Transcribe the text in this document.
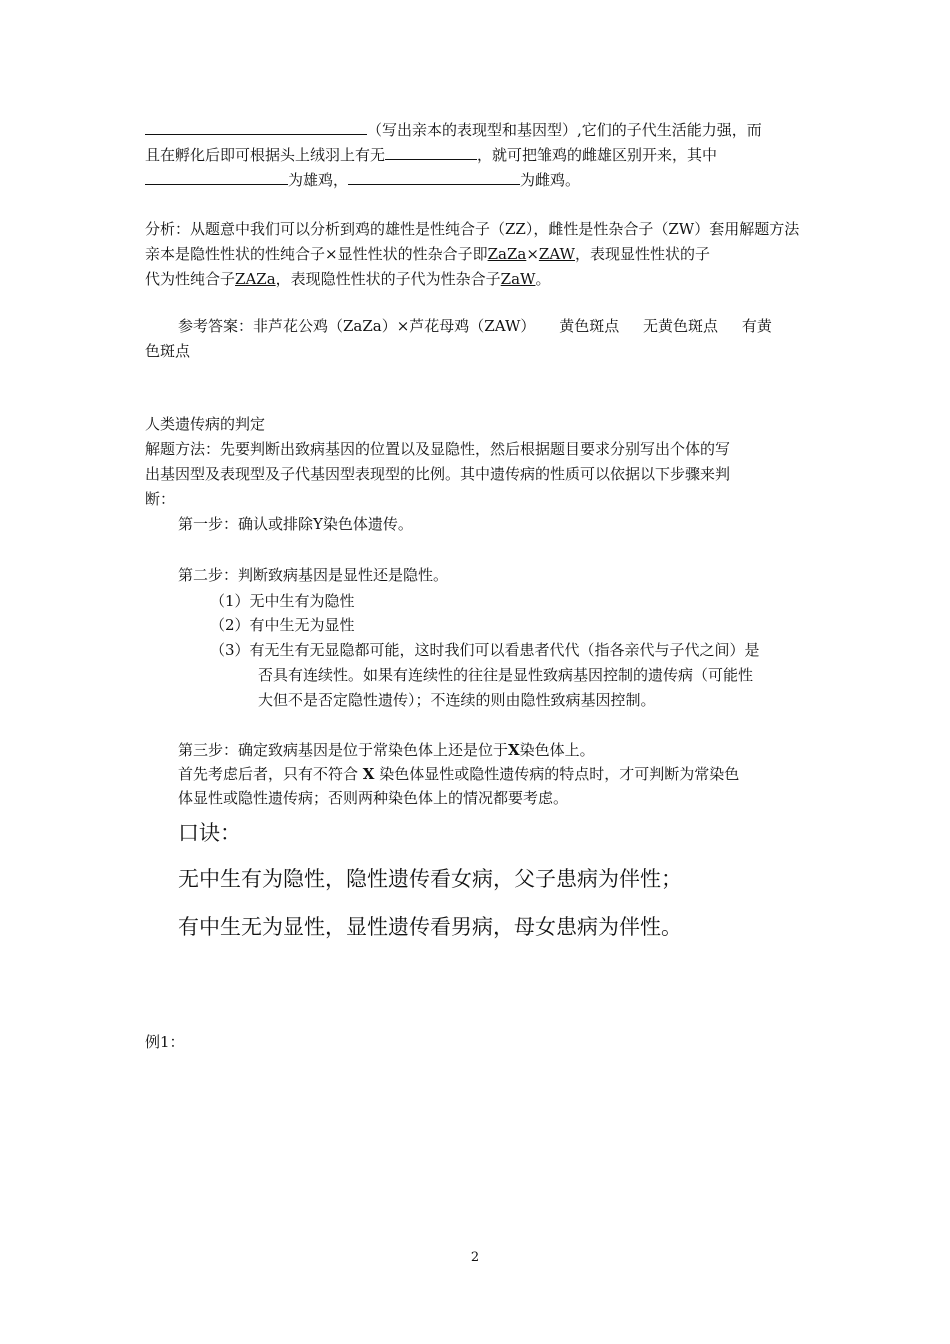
（写出亲本的表现型和基因型）,它们的子代生活能力强，而
且在孵化后即可根据头上绒羽上有无	，就可把雏鸡的雌雄区别开来，其中
为雄鸡，	为雌鸡。
分析：从题意中我们可以分析到鸡的雄性是性纯合子（ZZ），雌性是性杂合子（ZW）套用解题方法
亲本是隐性性状的性纯合子×显性性状的性杂合子即ZaZa×ZAW，表现显性性状的子
代为性纯合子ZAZa，表现隐性性状的子代为性杂合子ZaW。
参考答案：非芦花公鸡（ZaZa）×芦花母鸡（ZAW）     黄色斑点     无黄色斑点     有黄
色斑点
人类遗传病的判定
解题方法：先要判断出致病基因的位置以及显隐性，然后根据题目要求分别写出个体的写
出基因型及表现型及子代基因型表现型的比例。其中遗传病的性质可以依据以下步骤来判
断：
第一步：确认或排除Y染色体遗传。
第二步：判断致病基因是显性还是隐性。
（1）无中生有为隐性
（2）有中生无为显性
（3）有无生有无显隐都可能，这时我们可以看患者代代（指各亲代与子代之间）是
否具有连续性。如果有连续性的往往是显性致病基因控制的遗传病（可能性
大但不是否定隐性遗传）；不连续的则由隐性致病基因控制。
第三步：确定致病基因是位于常染色体上还是位于X染色体上。
首先考虑后者，只有不符合 X 染色体显性或隐性遗传病的特点时，才可判断为常染色
体显性或隐性遗传病；否则两种染色体上的情况都要考虑。
口诀：
无中生有为隐性，隐性遗传看女病，父子患病为伴性；
有中生无为显性，显性遗传看男病，母女患病为伴性。
例1：
2
